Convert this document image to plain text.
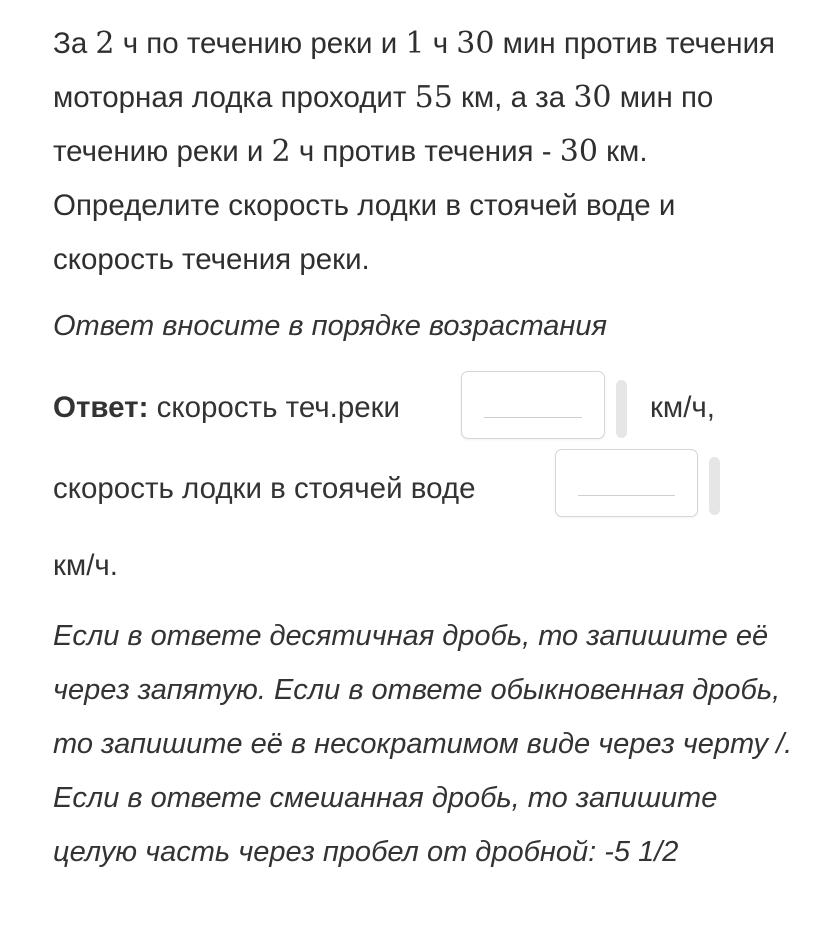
За 2 ч по течению реки и 1 ч 30 мин против течения моторная лодка проходит 55 км, а за 30 мин по течению реки и 2 ч против течения - 30 км. Определите скорость лодки в стоячей воде и скорость течения реки.

Ответ вносите в порядке возрастания

Ответ: скорость теч.реки	км/ч,
скорость лодки в стоячей воде
км/ч.

Если в ответе десятичная дробь, то запишите её через запятую. Если в ответе обыкновенная дробь, то запишите её в несократимом виде через черту /. Если в ответе смешанная дробь, то запишите целую часть через пробел от дробной: -5 1/2
